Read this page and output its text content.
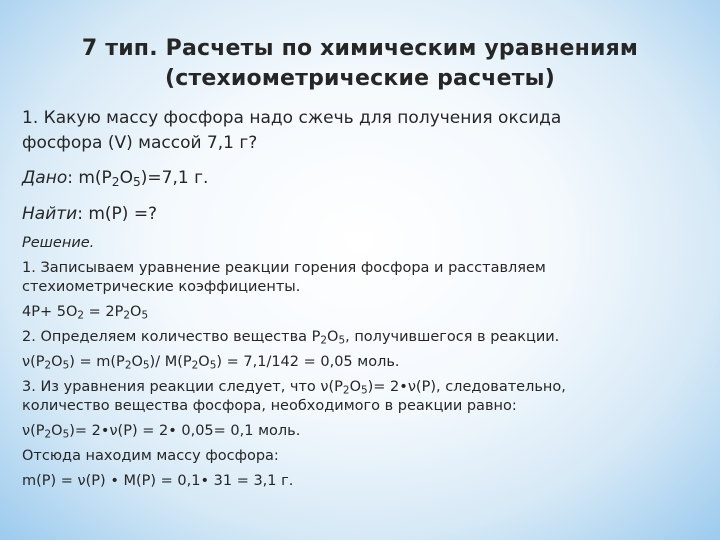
7 тип. Расчеты по химическим уравнениям
(стехиометрические расчеты)
1. Какую массу фосфора надо сжечь для получения оксида
фосфора (V) массой 7,1 г?
Дано: $m(P_2O_5)=7,1$ г.
Найти: m(P) =?
Решение.
1. Записываем уравнение реакции горения фосфора и расставляем
стехиометрические коэффициенты.
$4P+ 5O_2 = 2P_2O_5$
2. Определяем количество вещества $P_2O_5$, получившегося в реакции.
$\nu(P_2O_5) = m(P_2O_5)/$ $M(P_2O_5) = 7,1/142 = 0,05$ моль.
3. Из уравнения реакции следует, что $\nu(P_2O_5)=$ 2•ν(P), следовательно,
количество вещества фосфора, необходимого в реакции равно:
$\nu(P_2O_5)=$ 2•ν(P) = 2• 0,05= 0,1 моль.
Отсюда находим массу фосфора:
m(P) = ν(P) • M(P) = 0,1• 31 = 3,1 г.
